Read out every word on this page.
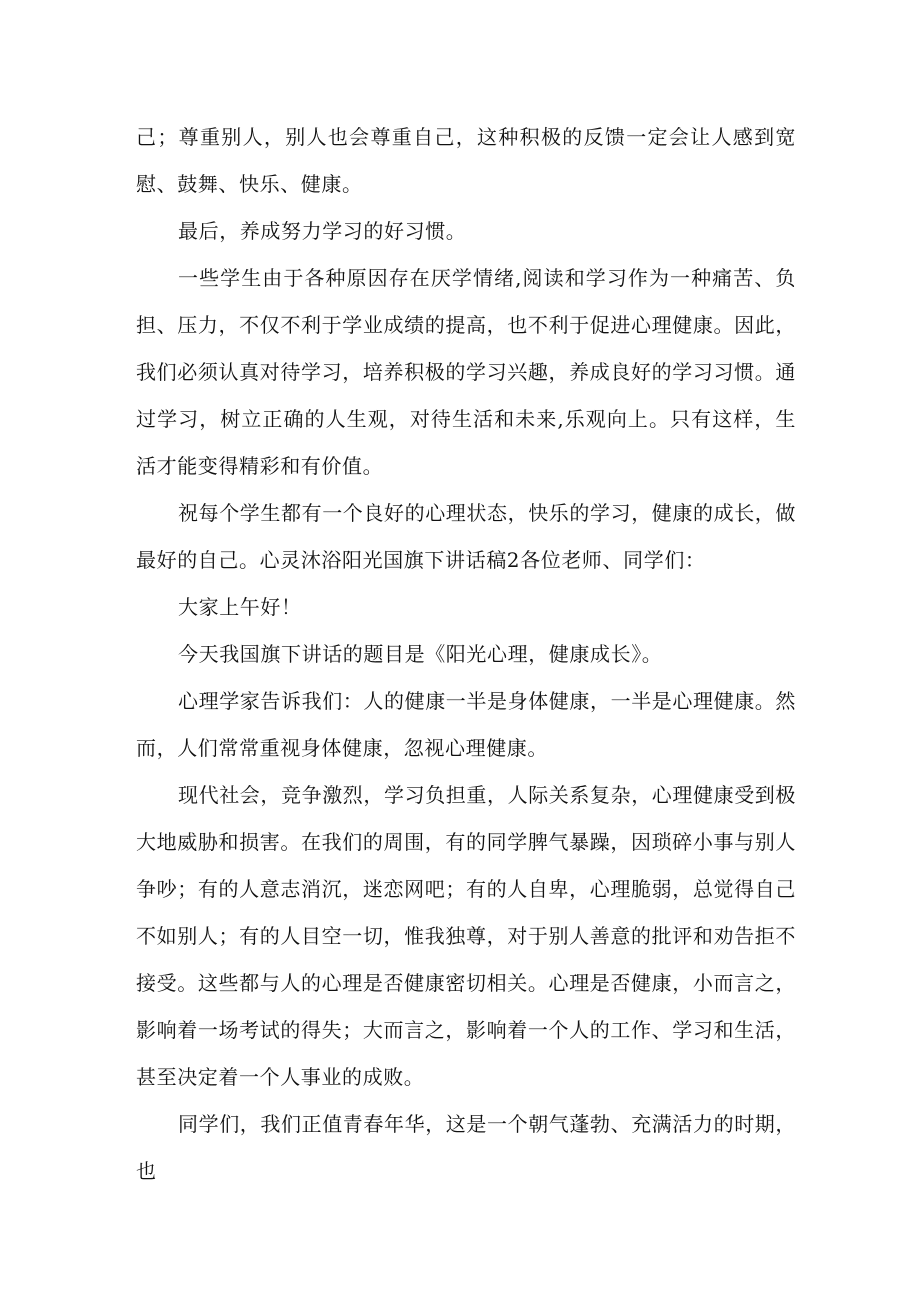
己；尊重别人，别人也会尊重自己，这种积极的反馈一定会让人感到宽慰、鼓舞、快乐、健康。

最后，养成努力学习的好习惯。

一些学生由于各种原因存在厌学情绪,阅读和学习作为一种痛苦、负担、压力，不仅不利于学业成绩的提高，也不利于促进心理健康。因此，我们必须认真对待学习，培养积极的学习兴趣，养成良好的学习习惯。通过学习，树立正确的人生观，对待生活和未来,乐观向上。只有这样，生活才能变得精彩和有价值。

祝每个学生都有一个良好的心理状态，快乐的学习，健康的成长，做最好的自己。心灵沐浴阳光国旗下讲话稿2各位老师、同学们：

大家上午好！

今天我国旗下讲话的题目是《阳光心理，健康成长》。

心理学家告诉我们：人的健康一半是身体健康，一半是心理健康。然而，人们常常重视身体健康，忽视心理健康。

现代社会，竞争激烈，学习负担重，人际关系复杂，心理健康受到极大地威胁和损害。在我们的周围，有的同学脾气暴躁，因琐碎小事与别人争吵；有的人意志消沉，迷恋网吧；有的人自卑，心理脆弱，总觉得自己不如别人；有的人目空一切，惟我独尊，对于别人善意的批评和劝告拒不接受。这些都与人的心理是否健康密切相关。心理是否健康，小而言之，影响着一场考试的得失；大而言之，影响着一个人的工作、学习和生活，甚至决定着一个人事业的成败。

同学们，我们正值青春年华，这是一个朝气蓬勃、充满活力的时期，也
